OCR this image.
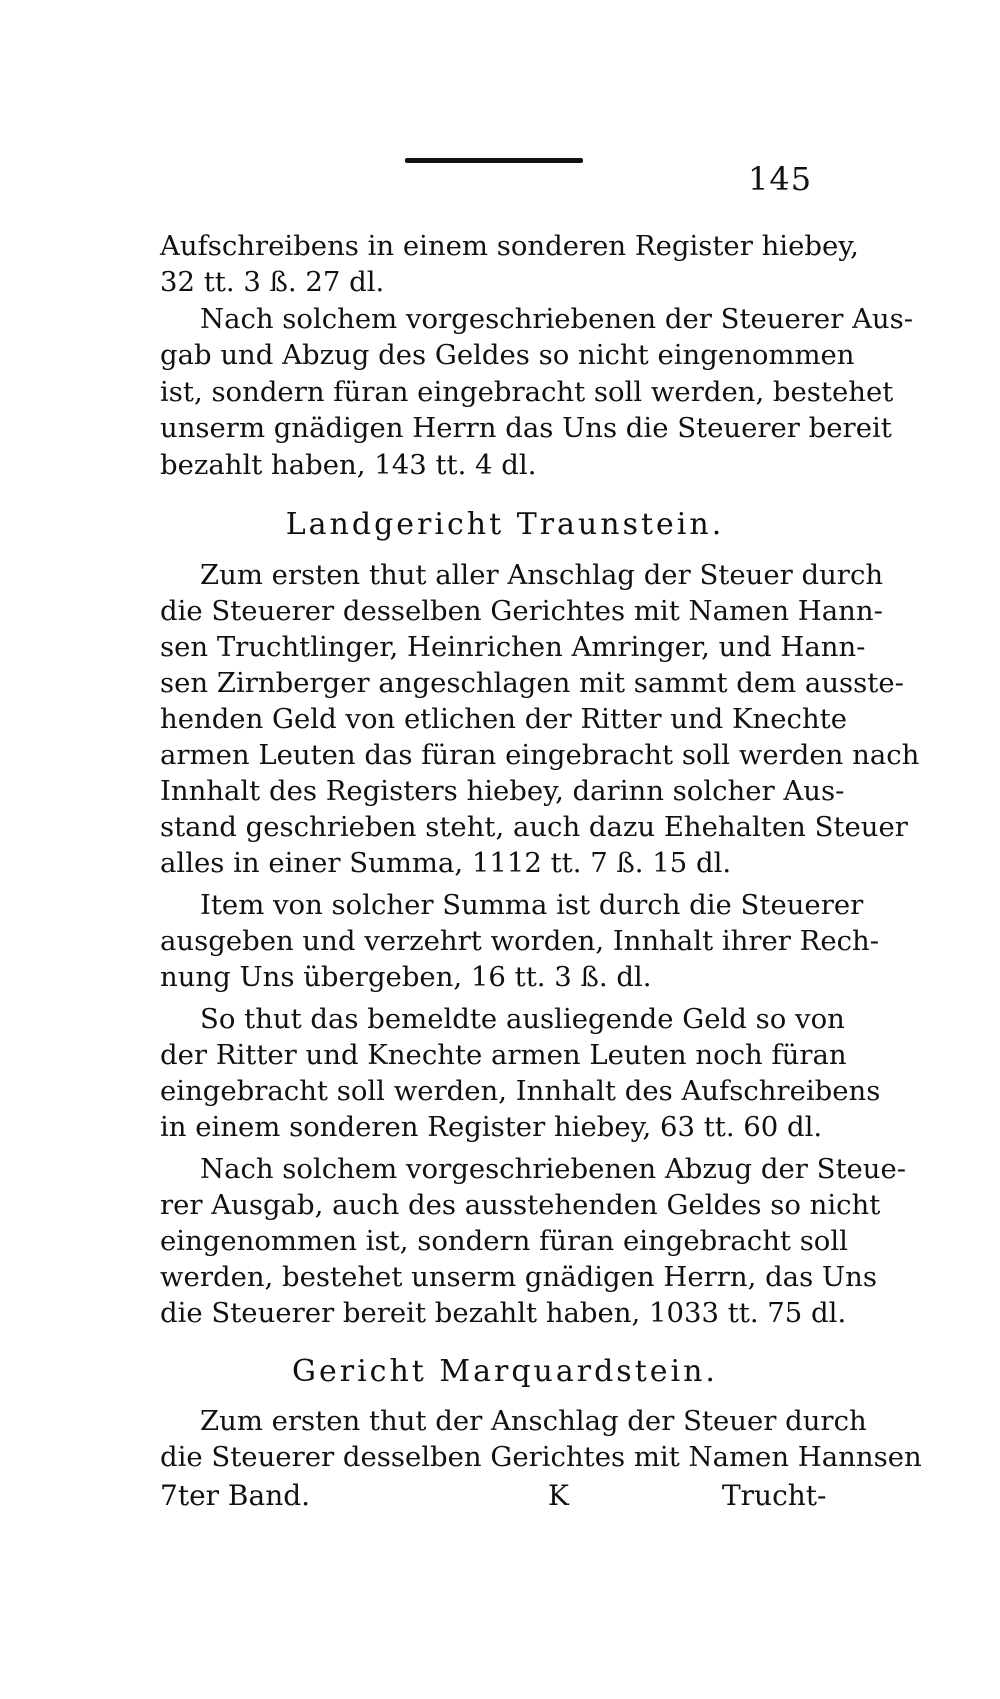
145
Aufschreibens in einem sonderen Register hiebey,
32 tt. 3 ß. 27 dl.
Nach solchem vorgeschriebenen der Steuerer Aus-
gab und Abzug des Geldes so nicht eingenommen
ist, sondern füran eingebracht soll werden, bestehet
unserm gnädigen Herrn das Uns die Steuerer bereit
bezahlt haben, 143 tt. 4 dl.
Landgericht Traunstein.
Zum ersten thut aller Anschlag der Steuer durch
die Steuerer desselben Gerichtes mit Namen Hann-
sen Truchtlinger, Heinrichen Amringer, und Hann-
sen Zirnberger angeschlagen mit sammt dem ausste-
henden Geld von etlichen der Ritter und Knechte
armen Leuten das füran eingebracht soll werden nach
Innhalt des Registers hiebey, darinn solcher Aus-
stand geschrieben steht, auch dazu Ehehalten Steuer
alles in einer Summa, 1112 tt. 7 ß. 15 dl.
Item von solcher Summa ist durch die Steuerer
ausgeben und verzehrt worden, Innhalt ihrer Rech-
nung Uns übergeben, 16 tt. 3 ß. dl.
So thut das bemeldte ausliegende Geld so von
der Ritter und Knechte armen Leuten noch füran
eingebracht soll werden, Innhalt des Aufschreibens
in einem sonderen Register hiebey, 63 tt. 60 dl.
Nach solchem vorgeschriebenen Abzug der Steue-
rer Ausgab, auch des ausstehenden Geldes so nicht
eingenommen ist, sondern füran eingebracht soll
werden, bestehet unserm gnädigen Herrn, das Uns
die Steuerer bereit bezahlt haben, 1033 tt. 75 dl.
Gericht Marquardstein.
Zum ersten thut der Anschlag der Steuer durch
die Steuerer desselben Gerichtes mit Namen Hannsen
7ter Band.	K	Trucht-
